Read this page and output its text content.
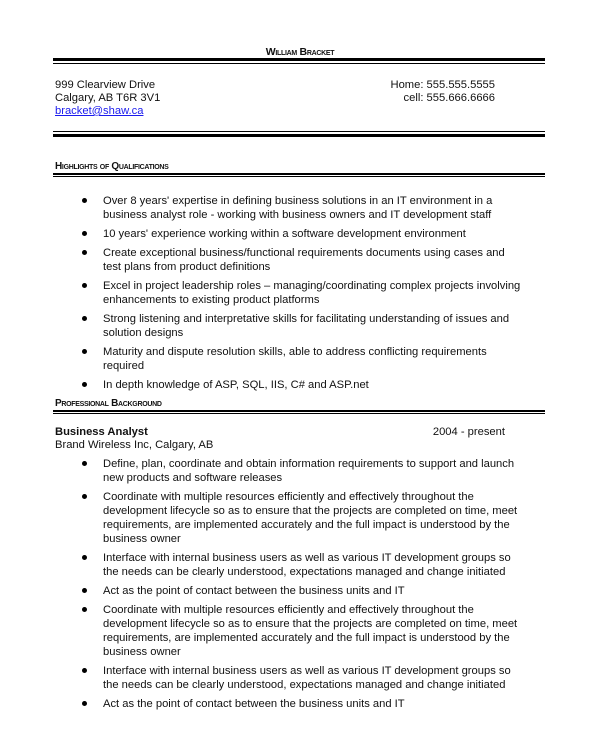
William Bracket
999 Clearview Drive
Calgary, AB T6R 3V1
bracket@shaw.ca
Home: 555.555.5555
cell: 555.666.6666
Highlights of Qualifications
Over 8 years' expertise in defining business solutions in an IT environment in a business analyst role - working with business owners and IT development staff
10 years' experience working within a software development environment
Create exceptional business/functional requirements documents using cases and test plans from product definitions
Excel in project leadership roles – managing/coordinating complex projects involving enhancements to existing product platforms
Strong listening and interpretative skills for facilitating understanding of issues and solution designs
Maturity and dispute resolution skills, able to address conflicting requirements required
In depth knowledge of ASP, SQL, IIS, C# and ASP.net
Professional Background
Business Analyst	2004 - present
Brand Wireless Inc, Calgary, AB
Define, plan, coordinate and obtain information requirements to support and launch new products and software releases
Coordinate with multiple resources efficiently and effectively throughout the development lifecycle so as to ensure that the projects are completed on time, meet requirements, are implemented accurately and the full impact is understood by the business owner
Interface with internal business users as well as various IT development groups so the needs can be clearly understood, expectations managed and change initiated
Act as the point of contact between the business units and IT
Coordinate with multiple resources efficiently and effectively throughout the development lifecycle so as to ensure that the projects are completed on time, meet requirements, are implemented accurately and the full impact is understood by the business owner
Interface with internal business users as well as various IT development groups so the needs can be clearly understood, expectations managed and change initiated
Act as the point of contact between the business units and IT
